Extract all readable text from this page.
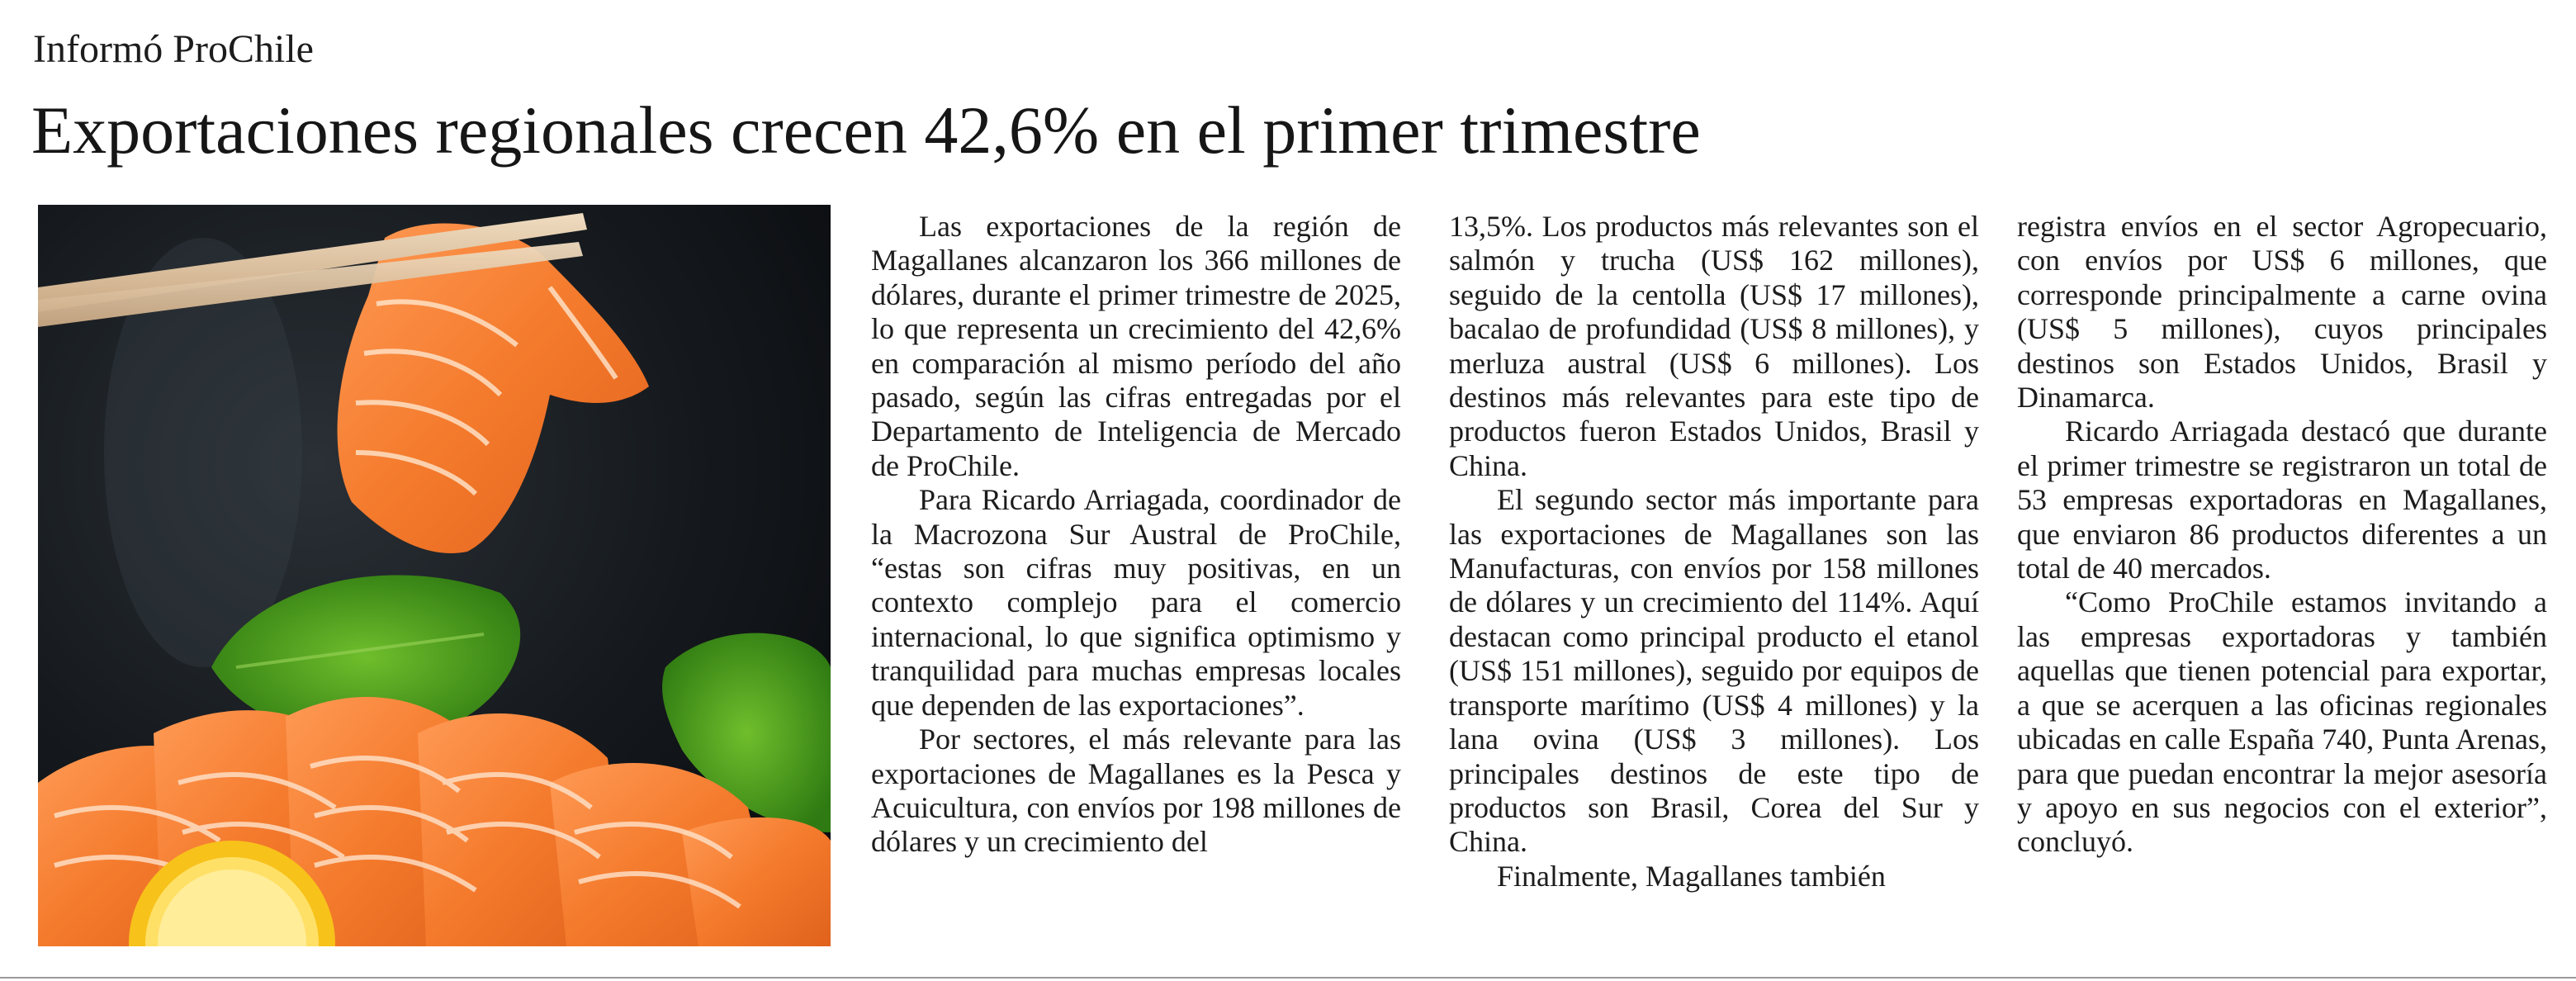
Informó ProChile
Exportaciones regionales crecen 42,6% en el primer trimestre

Las exportaciones de la región de Magallanes alcanzaron los 366 millones de dólares, durante el primer trimestre de 2025, lo que representa un crecimiento del 42,6% en comparación al mismo período del año pasado, según las cifras entregadas por el Departamento de Inteligencia de Mercado de ProChile.

Para Ricardo Arriagada, coordinador de la Macrozona Sur Austral de ProChile, “estas son cifras muy positivas, en un contexto complejo para el comercio internacional, lo que significa optimismo y tranquilidad para muchas empresas locales que dependen de las exportaciones”.

Por sectores, el más relevante para las exportaciones de Magallanes es la Pesca y Acuicultura, con envíos por 198 millones de dólares y un crecimiento del

13,5%. Los productos más relevantes son el salmón y trucha (US$ 162 millones), seguido de la centolla (US$ 17 millones), bacalao de profundidad (US$ 8 millones), y merluza austral (US$ 6 millones). Los destinos más relevantes para este tipo de productos fueron Estados Unidos, Brasil y China.

El segundo sector más importante para las exportaciones de Magallanes son las Manufacturas, con envíos por 158 millones de dólares y un crecimiento del 114%. Aquí destacan como principal producto el etanol (US$ 151 millones), seguido por equipos de transporte marítimo (US$ 4 millones) y la lana ovina (US$ 3 millones). Los principales destinos de este tipo de productos son Brasil, Corea del Sur y China.

Finalmente, Magallanes también

registra envíos en el sector Agropecuario, con envíos por US$ 6 millones, que corresponde principalmente a carne ovina (US$ 5 millones), cuyos principales destinos son Estados Unidos, Brasil y Dinamarca.

Ricardo Arriagada destacó que durante el primer trimestre se registraron un total de 53 empresas exportadoras en Magallanes, que enviaron 86 productos diferentes a un total de 40 mercados.

“Como ProChile estamos invitando a las empresas exportadoras y también aquellas que tienen potencial para exportar, a que se acerquen a las oficinas regionales ubicadas en calle España 740, Punta Arenas, para que puedan encontrar la mejor asesoría y apoyo en sus negocios con el exterior”, concluyó.
